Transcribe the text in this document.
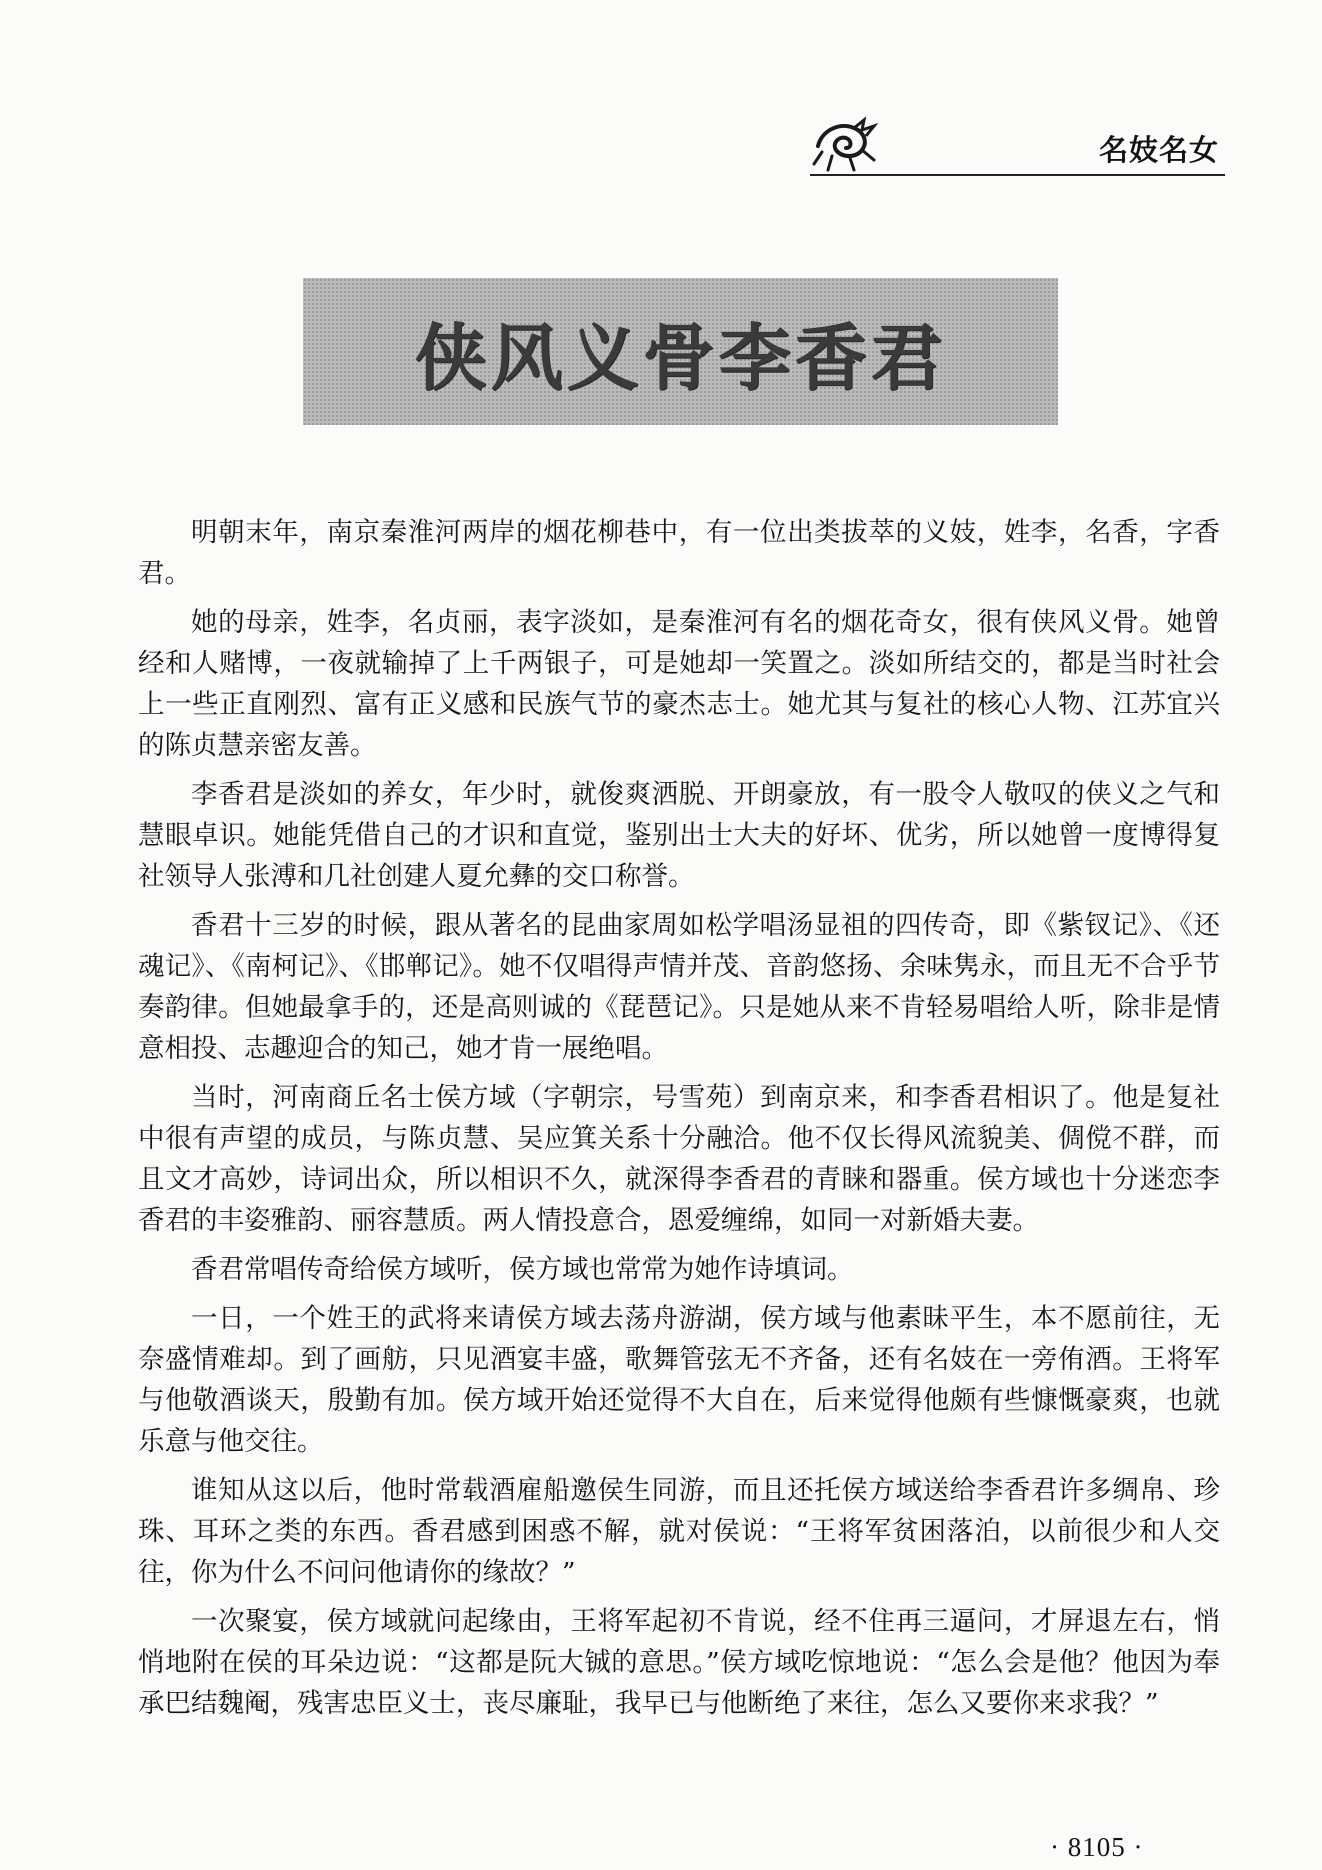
名妓名女
侠风义骨李香君

明朝末年，南京秦淮河两岸的烟花柳巷中，有一位出类拔萃的义妓，姓李，名香，字香君。

她的母亲，姓李，名贞丽，表字淡如，是秦淮河有名的烟花奇女，很有侠风义骨。她曾经和人赌博，一夜就输掉了上千两银子，可是她却一笑置之。淡如所结交的，都是当时社会上一些正直刚烈、富有正义感和民族气节的豪杰志士。她尤其与复社的核心人物、江苏宜兴的陈贞慧亲密友善。

李香君是淡如的养女，年少时，就俊爽洒脱、开朗豪放，有一股令人敬叹的侠义之气和慧眼卓识。她能凭借自己的才识和直觉，鉴别出士大夫的好坏、优劣，所以她曾一度博得复社领导人张溥和几社创建人夏允彝的交口称誉。

香君十三岁的时候，跟从著名的昆曲家周如松学唱汤显祖的四传奇，即《紫钗记》、《还魂记》、《南柯记》、《邯郸记》。她不仅唱得声情并茂、音韵悠扬、余味隽永，而且无不合乎节奏韵律。但她最拿手的，还是高则诚的《琵琶记》。只是她从来不肯轻易唱给人听，除非是情意相投、志趣迎合的知己，她才肯一展绝唱。

当时，河南商丘名士侯方域（字朝宗，号雪苑）到南京来，和李香君相识了。他是复社中很有声望的成员，与陈贞慧、吴应箕关系十分融洽。他不仅长得风流貌美、倜傥不群，而且文才高妙，诗词出众，所以相识不久，就深得李香君的青睐和器重。侯方域也十分迷恋李香君的丰姿雅韵、丽容慧质。两人情投意合，恩爱缠绵，如同一对新婚夫妻。

香君常唱传奇给侯方域听，侯方域也常常为她作诗填词。

一日，一个姓王的武将来请侯方域去荡舟游湖，侯方域与他素昧平生，本不愿前往，无奈盛情难却。到了画舫，只见酒宴丰盛，歌舞管弦无不齐备，还有名妓在一旁侑酒。王将军与他敬酒谈天，殷勤有加。侯方域开始还觉得不大自在，后来觉得他颇有些慷慨豪爽，也就乐意与他交往。

谁知从这以后，他时常载酒雇船邀侯生同游，而且还托侯方域送给李香君许多绸帛、珍珠、耳环之类的东西。香君感到困惑不解，就对侯说：“王将军贫困落泊，以前很少和人交往，你为什么不问问他请你的缘故？”

一次聚宴，侯方域就问起缘由，王将军起初不肯说，经不住再三逼问，才屏退左右，悄悄地附在侯的耳朵边说：“这都是阮大铖的意思。”侯方域吃惊地说：“怎么会是他？他因为奉承巴结魏阉，残害忠臣义士，丧尽廉耻，我早已与他断绝了来往，怎么又要你来求我？”

· 8105 ·
